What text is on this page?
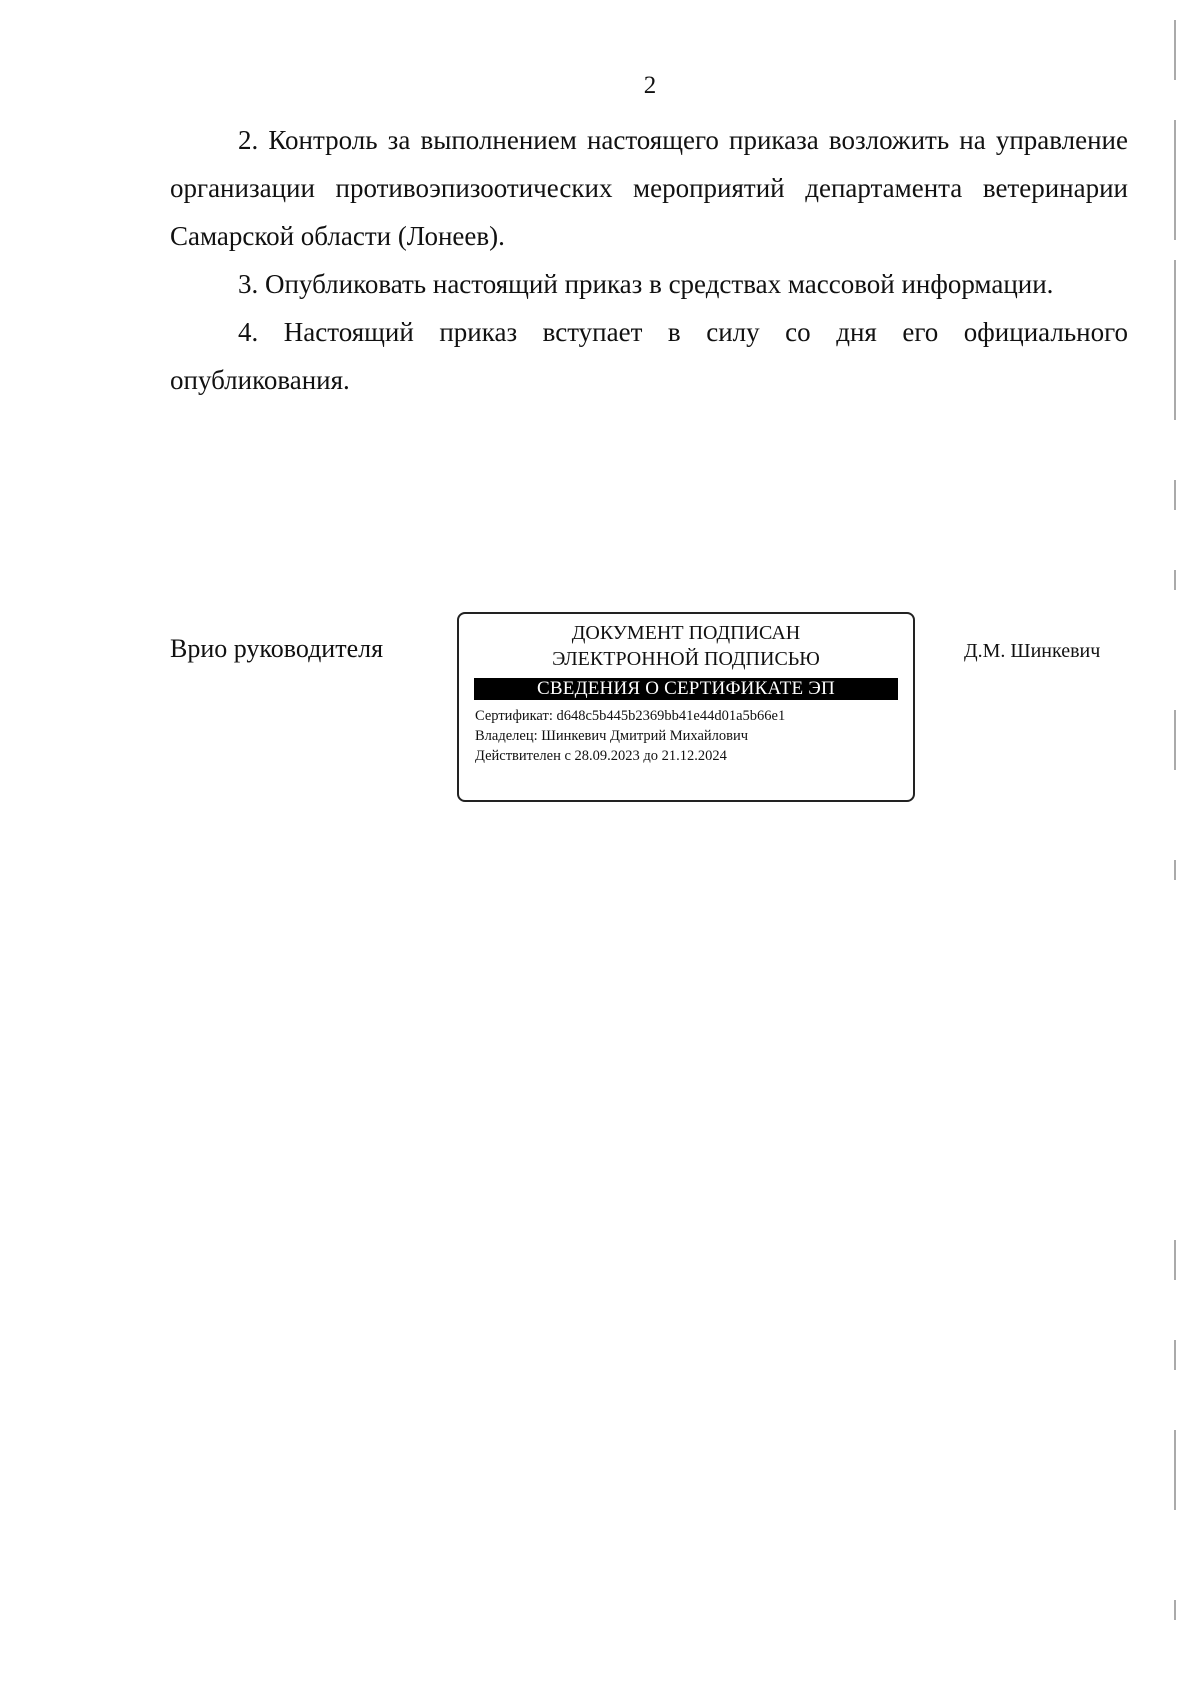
2

2. Контроль за выполнением настоящего приказа возложить на управление организации противоэпизоотических мероприятий департамента ветеринарии Самарской области (Лонеев).

3. Опубликовать настоящий приказ в средствах массовой информации.

4. Настоящий приказ вступает в силу со дня его официального опубликования.

Врио руководителя
ДОКУМЕНТ ПОДПИСАН
ЭЛЕКТРОННОЙ ПОДПИСЬЮ
СВЕДЕНИЯ О СЕРТИФИКАТЕ ЭП
Сертификат: d648c5b445b2369bb41e44d01a5b66e1
Владелец: Шинкевич Дмитрий Михайлович
Действителен с 28.09.2023 до 21.12.2024
Д.М. Шинкевич
